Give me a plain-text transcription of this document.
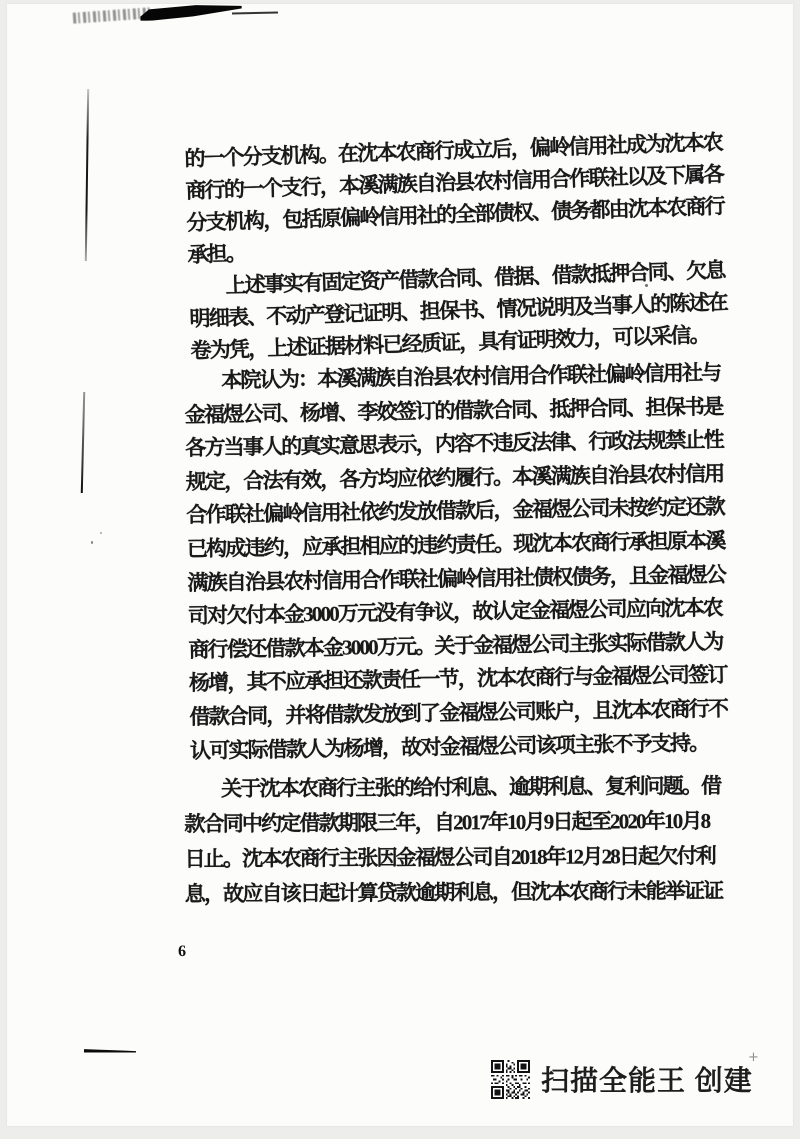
的一个分支机构。在沈本农商行成立后，偏岭信用社成为沈本农
商行的一个支行，本溪满族自治县农村信用合作联社以及下属各
分支机构，包括原偏岭信用社的全部债权、债务都由沈本农商行
承担。
上述事实有固定资产借款合同、借据、借款抵押合同、欠息
明细表、不动产登记证明、担保书、情况说明及当事人的陈述在
卷为凭，上述证据材料已经质证，具有证明效力，可以采信。
本院认为：本溪满族自治县农村信用合作联社偏岭信用社与
金福煜公司、杨增、李姣签订的借款合同、抵押合同、担保书是
各方当事人的真实意思表示，内容不违反法律、行政法规禁止性
规定，合法有效，各方均应依约履行。本溪满族自治县农村信用
合作联社偏岭信用社依约发放借款后，金福煜公司未按约定还款
已构成违约，应承担相应的违约责任。现沈本农商行承担原本溪
满族自治县农村信用合作联社偏岭信用社债权债务，且金福煜公
司对欠付本金3000万元没有争议，故认定金福煜公司应向沈本农
商行偿还借款本金3000万元。关于金福煜公司主张实际借款人为
杨增，其不应承担还款责任一节，沈本农商行与金福煜公司签订
借款合同，并将借款发放到了金福煜公司账户，且沈本农商行不
认可实际借款人为杨增，故对金福煜公司该项主张不予支持。
关于沈本农商行主张的给付利息、逾期利息、复利问题。借
款合同中约定借款期限三年，自2017年10月9日起至2020年10月8
日止。沈本农商行主张因金福煜公司自2018年12月28日起欠付利
息，故应自该日起计算贷款逾期利息，但沈本农商行未能举证证
6
扫描全能王 创建
+
